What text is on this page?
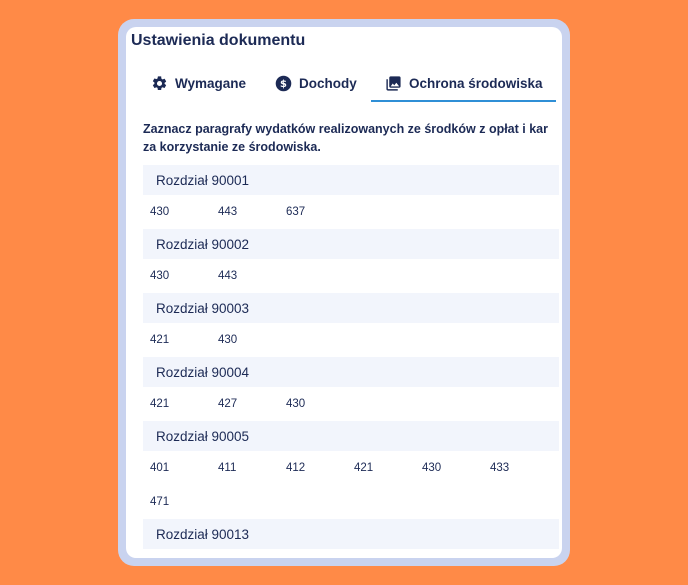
Ustawienia dokumentu
Wymagane $ Dochody	Ochrona środowiska

Zaznacz paragrafy wydatków realizowanych ze środków z opłat i kar za korzystanie ze środowiska.

Rozdział 90001
430	443	637
Rozdział 90002
430	443
Rozdział 90003
421	430
Rozdział 90004
421	427	430
Rozdział 90005
401	411	412	421	430	433
471
Rozdział 90013
